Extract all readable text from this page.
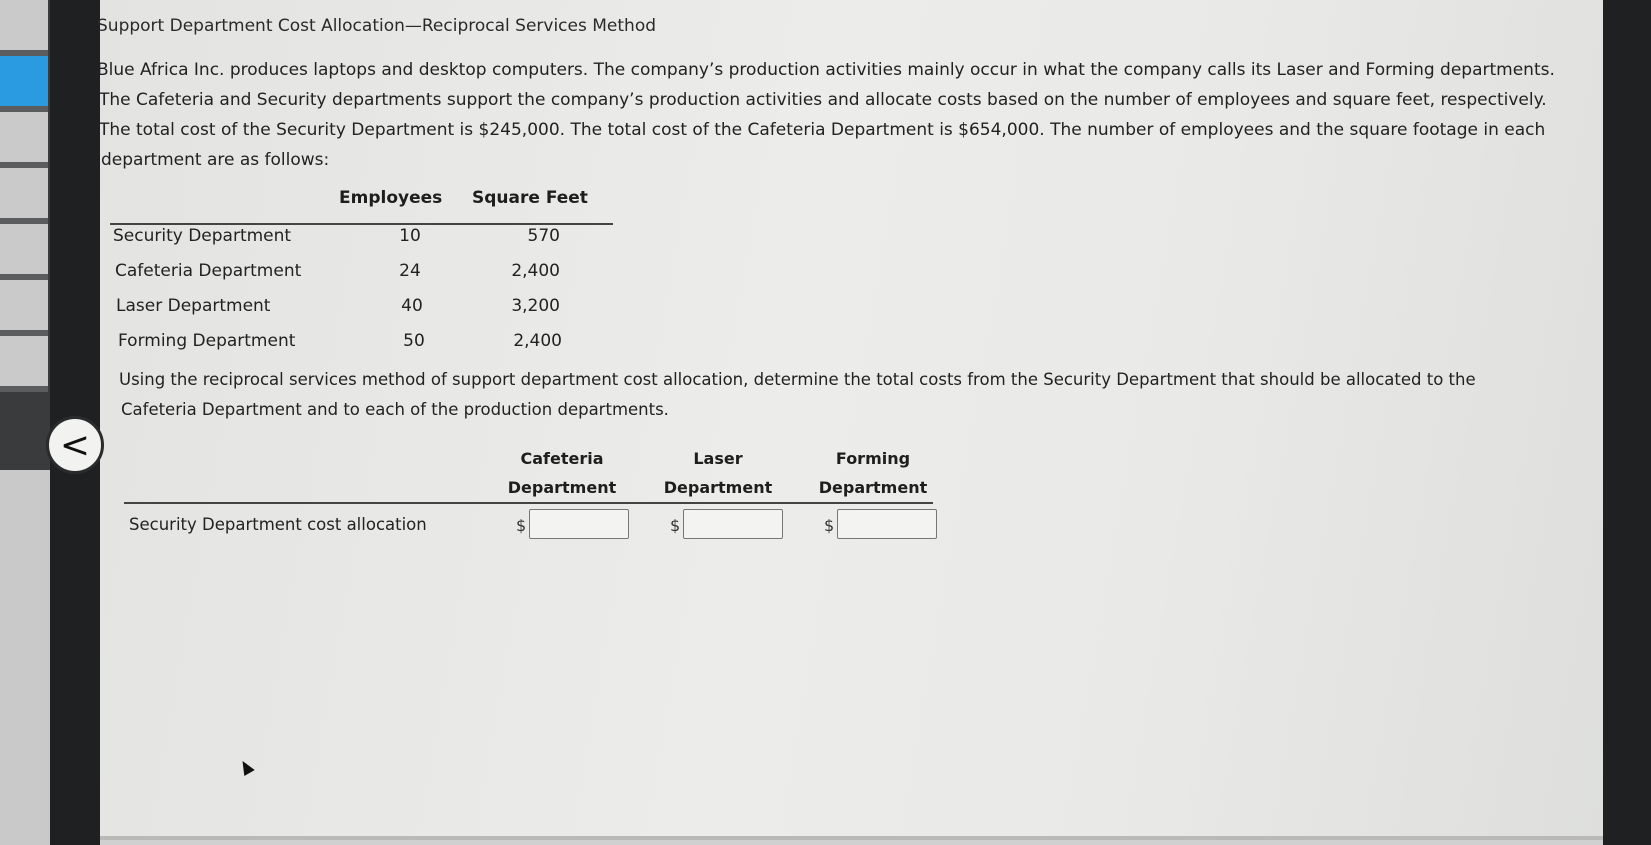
<
Support Department Cost Allocation—Reciprocal Services Method
Blue Africa Inc. produces laptops and desktop computers. The company’s production activities mainly occur in what the company calls its Laser and Forming departments.
The Cafeteria and Security departments support the company’s production activities and allocate costs based on the number of employees and square feet, respectively.
The total cost of the Security Department is $245,000. The total cost of the Cafeteria Department is $654,000. The number of employees and the square footage in each
department are as follows:
Employees Square Feet
Security Department	10	570
Cafeteria Department	24	2,400
Laser Department	40	3,200
Forming Department	50	2,400
Using the reciprocal services method of support department cost allocation, determine the total costs from the Security Department that should be allocated to the
Cafeteria Department and to each of the production departments.
Cafeteria
Department
Laser
Department
Forming
Department
Security Department cost allocation	$	$	$
